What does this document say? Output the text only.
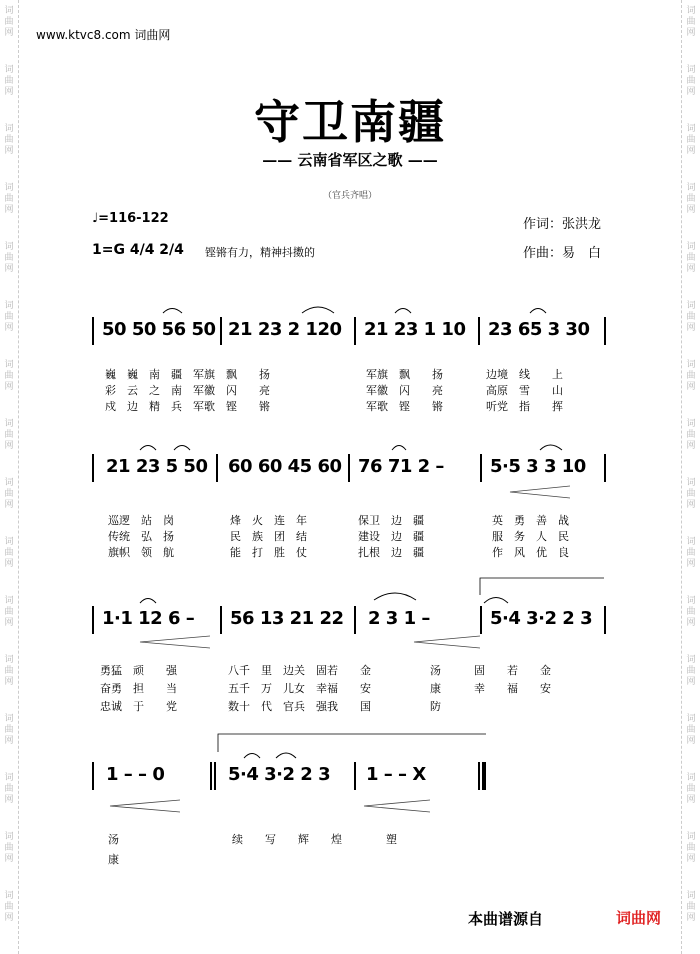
词
曲
网
词
曲
网
词
曲
网
词
曲
网
词
曲
网
词
曲
网
词
曲
网
词
曲
网
词
曲
网
词
曲
网
词
曲
网
词
曲
网
词
曲
网
词
曲
网
词
曲
网
词
曲
网
词
曲
网
词
曲
网
词
曲
网
词
曲
网
词
曲
网
词
曲
网
词
曲
网
词
曲
网
词
曲
网
词
曲
网
词
曲
网
词
曲
网
词
曲
网
词
曲
网
词
曲
网
词
曲
网
www.ktvc8.com 词曲网
守卫南疆
—— 云南省军区之歌 ——
（官兵齐唱）
♩=116-122
1=G 4/4 2/4 铿锵有力，精神抖擞的
作词：张洪龙
作曲：易　白
50 50 56 50 21 23 2 120 21 23 1 10 23 65 3 30
巍　巍　南　疆　军旗　飘　　扬	军旗　飘　　扬	边境　线　　上
彩　云　之　南　军徽　闪　　亮	军徽　闪　　亮	高原　雪　　山
戍　边　精　兵　军歌　铿　　锵	军歌　铿　　锵	听党　指　　挥
21 23 5 50 60 60 45 60 76 71 2 –	5·5 3 3 10
巡逻　站　岗	烽　火　连　年	保卫　边　疆	英　勇　善　战
传统　弘　扬	民　族　团　结	建设　边　疆	服　务　人　民
旗帜　领　航	能　打　胜　仗	扎根　边　疆	作　风　优　良
1·1 12 6 – 56 13 21 22 2 3 1 –	5·4 3·2 2 3
勇猛　顽　　强	八千　里　边关　固若　　金	汤　　　固　　若　　金
奋勇　担　　当	五千　万　儿女　幸福　　安	康　　　幸　　福　　安
忠诚　于　　党	数十　代　官兵　强我　　国	防
1 – – 0	5·4 3·2 2 3 1 – – X
汤	续　　写　　辉　　煌　　　　塑
康
本曲谱源自	词曲网
